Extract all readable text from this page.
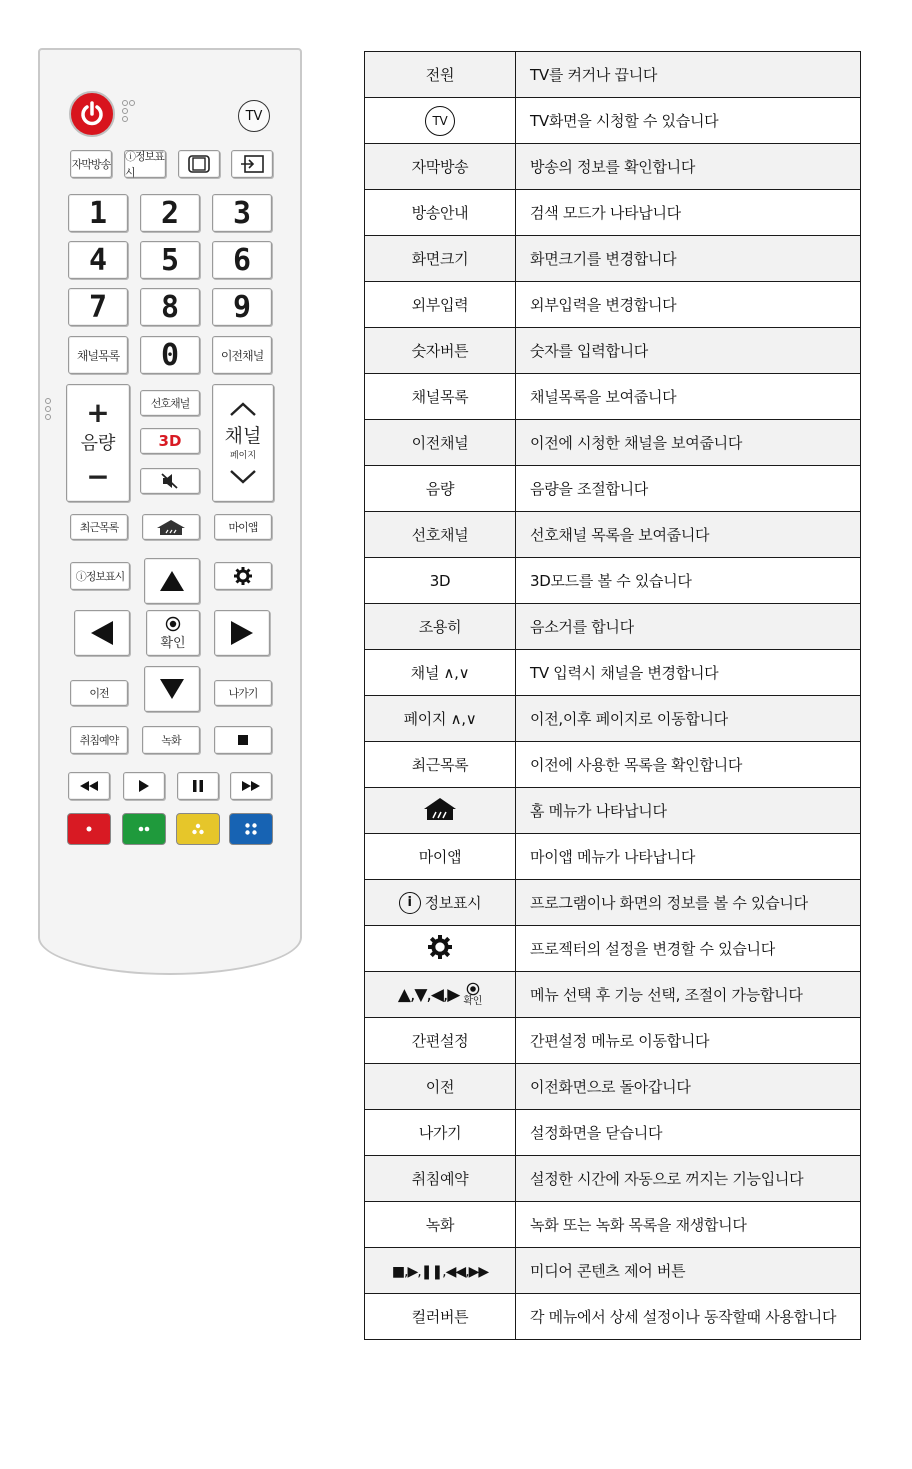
TV
자막방송
ⓘ정보표시
1	2	3
4	5	6
7	8	9
채널목록	0	이전채널
+
음량
−
선호채널
3D	채널
페이지
최근목록	마이앱
ⓘ정보표시
확인
이전	나가기
취침예약	녹화
전원	TV를 켜거나 끕니다
TV	TV화면을 시청할 수 있습니다
자막방송	방송의 정보를 확인합니다
방송안내	검색 모드가 나타납니다
화면크기	화면크기를 변경합니다
외부입력	외부입력을 변경합니다
숫자버튼	숫자를 입력합니다
채널목록	채널목록을 보여줍니다
이전채널	이전에 시청한 채널을 보여줍니다
음량	음량을 조절합니다
선호채널	선호채널 목록을 보여줍니다
3D	3D모드를 볼 수 있습니다
조용히	음소거를 합니다
채널 ∧,∨	TV 입력시 채널을 변경합니다
페이지 ∧,∨	이전,이후 페이지로 이동합니다
최근목록	이전에 사용한 목록을 확인합니다
	홈 메뉴가 나타납니다
마이앱	마이앱 메뉴가 나타납니다

i 정보표시	프로그램이나 화면의 정보를 볼 수 있습니다
	프로젝터의 설정을 변경할 수 있습니다

▲,▼,◀,▶ 확인	메뉴 선택 후 기능 선택, 조절이 가능합니다
간편설정	간편설정 메뉴로 이동합니다
이전	이전화면으로 돌아갑니다
나가기	설정화면을 닫습니다
취침예약	설정한 시간에 자동으로 꺼지는 기능입니다
녹화	녹화 또는 녹화 목록을 재생합니다
■,▶,❚❚,◀◀,▶▶	미디어 콘텐츠 제어 버튼
컬러버튼	각 메뉴에서 상세 설정이나 동작할때 사용합니다
